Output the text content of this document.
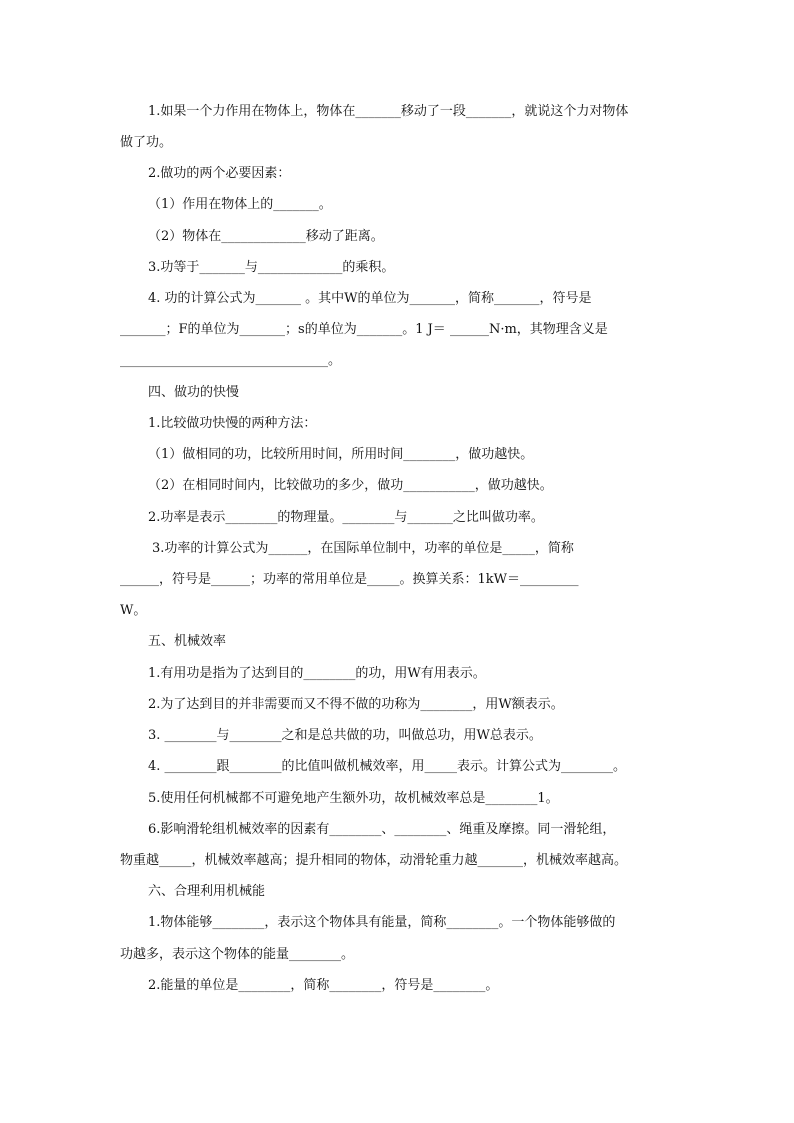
1.如果一个力作用在物体上，物体在_______移动了一段_______，就说这个力对物体
做了功。
2.做功的两个必要因素：
（1）作用在物体上的_______。
（2）物体在_____________移动了距离。
3.功等于_______与_____________的乘积。
4. 功的计算公式为_______ 。其中W的单位为_______，简称_______，符号是
_______；F的单位为_______；s的单位为_______。1 J＝ ______N·m，其物理含义是
________________________________。
四、做功的快慢
1.比较做功快慢的两种方法：
（1）做相同的功，比较所用时间，所用时间________，做功越快。
（2）在相同时间内，比较做功的多少，做功___________，做功越快。
2.功率是表示________的物理量。________与_______之比叫做功率。
3.功率的计算公式为______，在国际单位制中，功率的单位是_____，简称
______，符号是______；功率的常用单位是_____。换算关系：1kW＝_________
W。
五、机械效率
1.有用功是指为了达到目的________的功，用W有用表示。
2.为了达到目的并非需要而又不得不做的功称为________，用W额表示。
3. ________与________之和是总共做的功，叫做总功，用W总表示。
4. ________跟________的比值叫做机械效率，用_____表示。计算公式为________。
5.使用任何机械都不可避免地产生额外功，故机械效率总是________1。
6.影响滑轮组机械效率的因素有________、________、绳重及摩擦。同一滑轮组，
物重越_____，机械效率越高；提升相同的物体，动滑轮重力越_______，机械效率越高。
六、合理利用机械能
1.物体能够________，表示这个物体具有能量，简称________。一个物体能够做的
功越多，表示这个物体的能量________。
2.能量的单位是________，简称________，符号是________。
